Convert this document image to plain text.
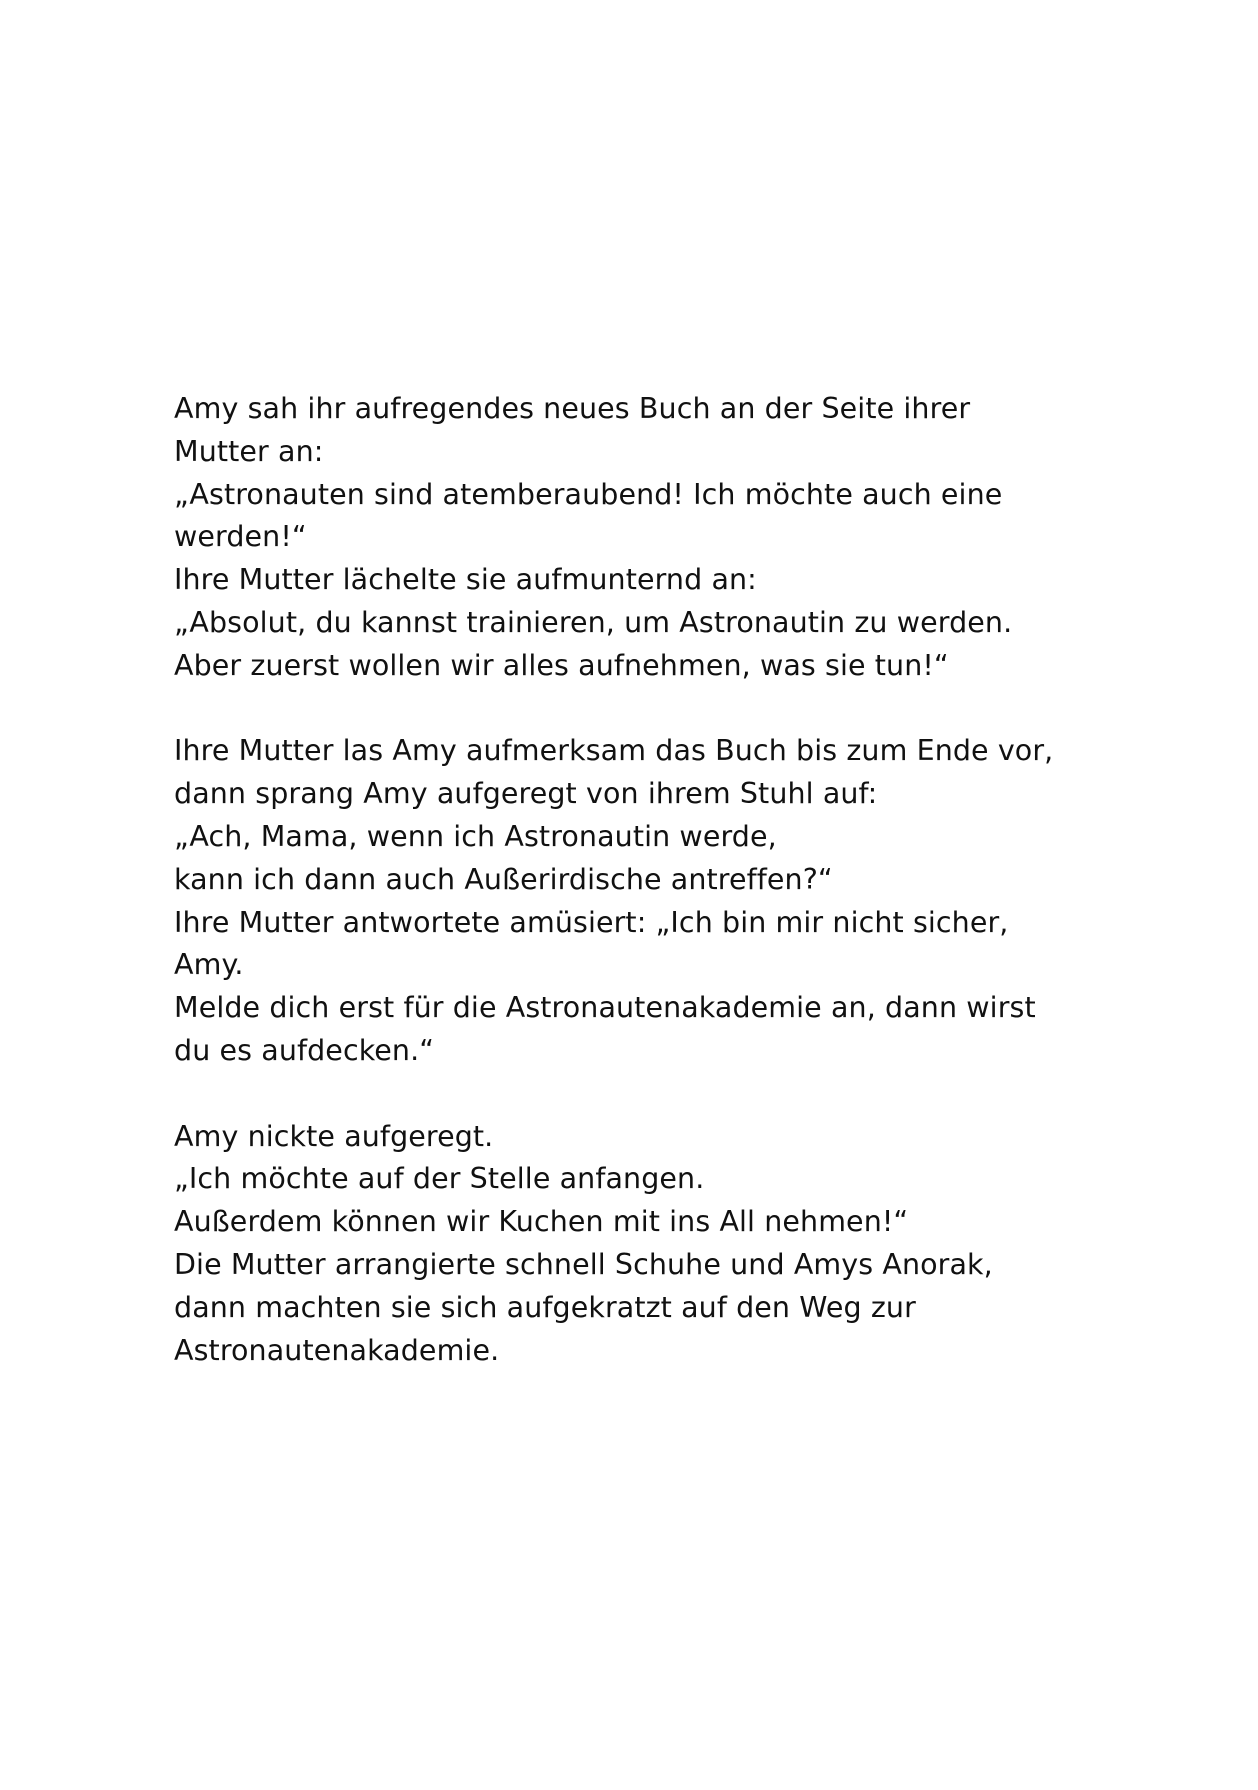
Amy sah ihr aufregendes neues Buch an der Seite ihrer
Mutter an:
„Astronauten sind atemberaubend! Ich möchte auch eine
werden!“
Ihre Mutter lächelte sie aufmunternd an:
„Absolut, du kannst trainieren, um Astronautin zu werden.
Aber zuerst wollen wir alles aufnehmen, was sie tun!“

Ihre Mutter las Amy aufmerksam das Buch bis zum Ende vor,
dann sprang Amy aufgeregt von ihrem Stuhl auf:
„Ach, Mama, wenn ich Astronautin werde,
kann ich dann auch Außerirdische antreffen?“
Ihre Mutter antwortete amüsiert: „Ich bin mir nicht sicher,
Amy.
Melde dich erst für die Astronautenakademie an, dann wirst
du es aufdecken.“

Amy nickte aufgeregt.
„Ich möchte auf der Stelle anfangen.
Außerdem können wir Kuchen mit ins All nehmen!“
Die Mutter arrangierte schnell Schuhe und Amys Anorak,
dann machten sie sich aufgekratzt auf den Weg zur
Astronautenakademie.
